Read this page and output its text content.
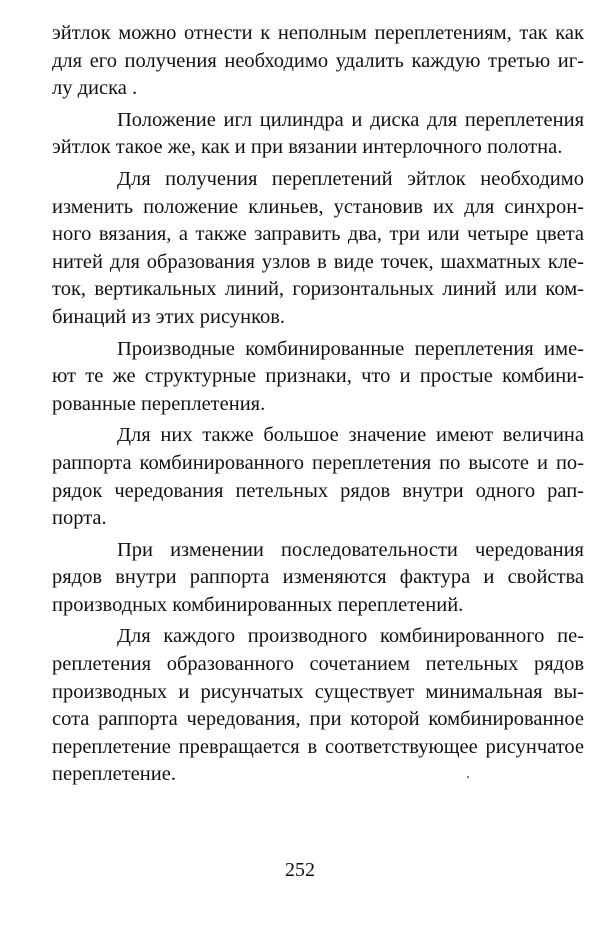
эйтлок можно отнести к неполным переплетениям, так как
для его получения необходимо удалить каждую третью иг-
лу диска .
Положение игл цилиндра и диска для переплетения
эйтлок такое же, как и при вязании интерлочного полотна.
Для получения переплетений эйтлок необходимо
изменить положение клиньев, установив их для синхрон-
ного вязания, а также заправить два, три или четыре цвета
нитей для образования узлов в виде точек, шахматных кле-
ток, вертикальных линий, горизонтальных линий или ком-
бинаций из этих рисунков.
Производные комбинированные переплетения име-
ют те же структурные признаки, что и простые комбини-
рованные переплетения.
Для них также большое значение имеют величина
раппорта комбинированного переплетения по высоте и по-
рядок чередования петельных рядов внутри одного рап-
порта.
При изменении последовательности чередования
рядов внутри раппорта изменяются фактура и свойства
производных комбинированных переплетений.
Для каждого производного комбинированного пе-
реплетения образованного сочетанием петельных рядов
производных и рисунчатых существует минимальная вы-
сота раппорта чередования, при которой комбинированное
переплетение превращается в соответствующее рисунчатое
переплетение.
252
